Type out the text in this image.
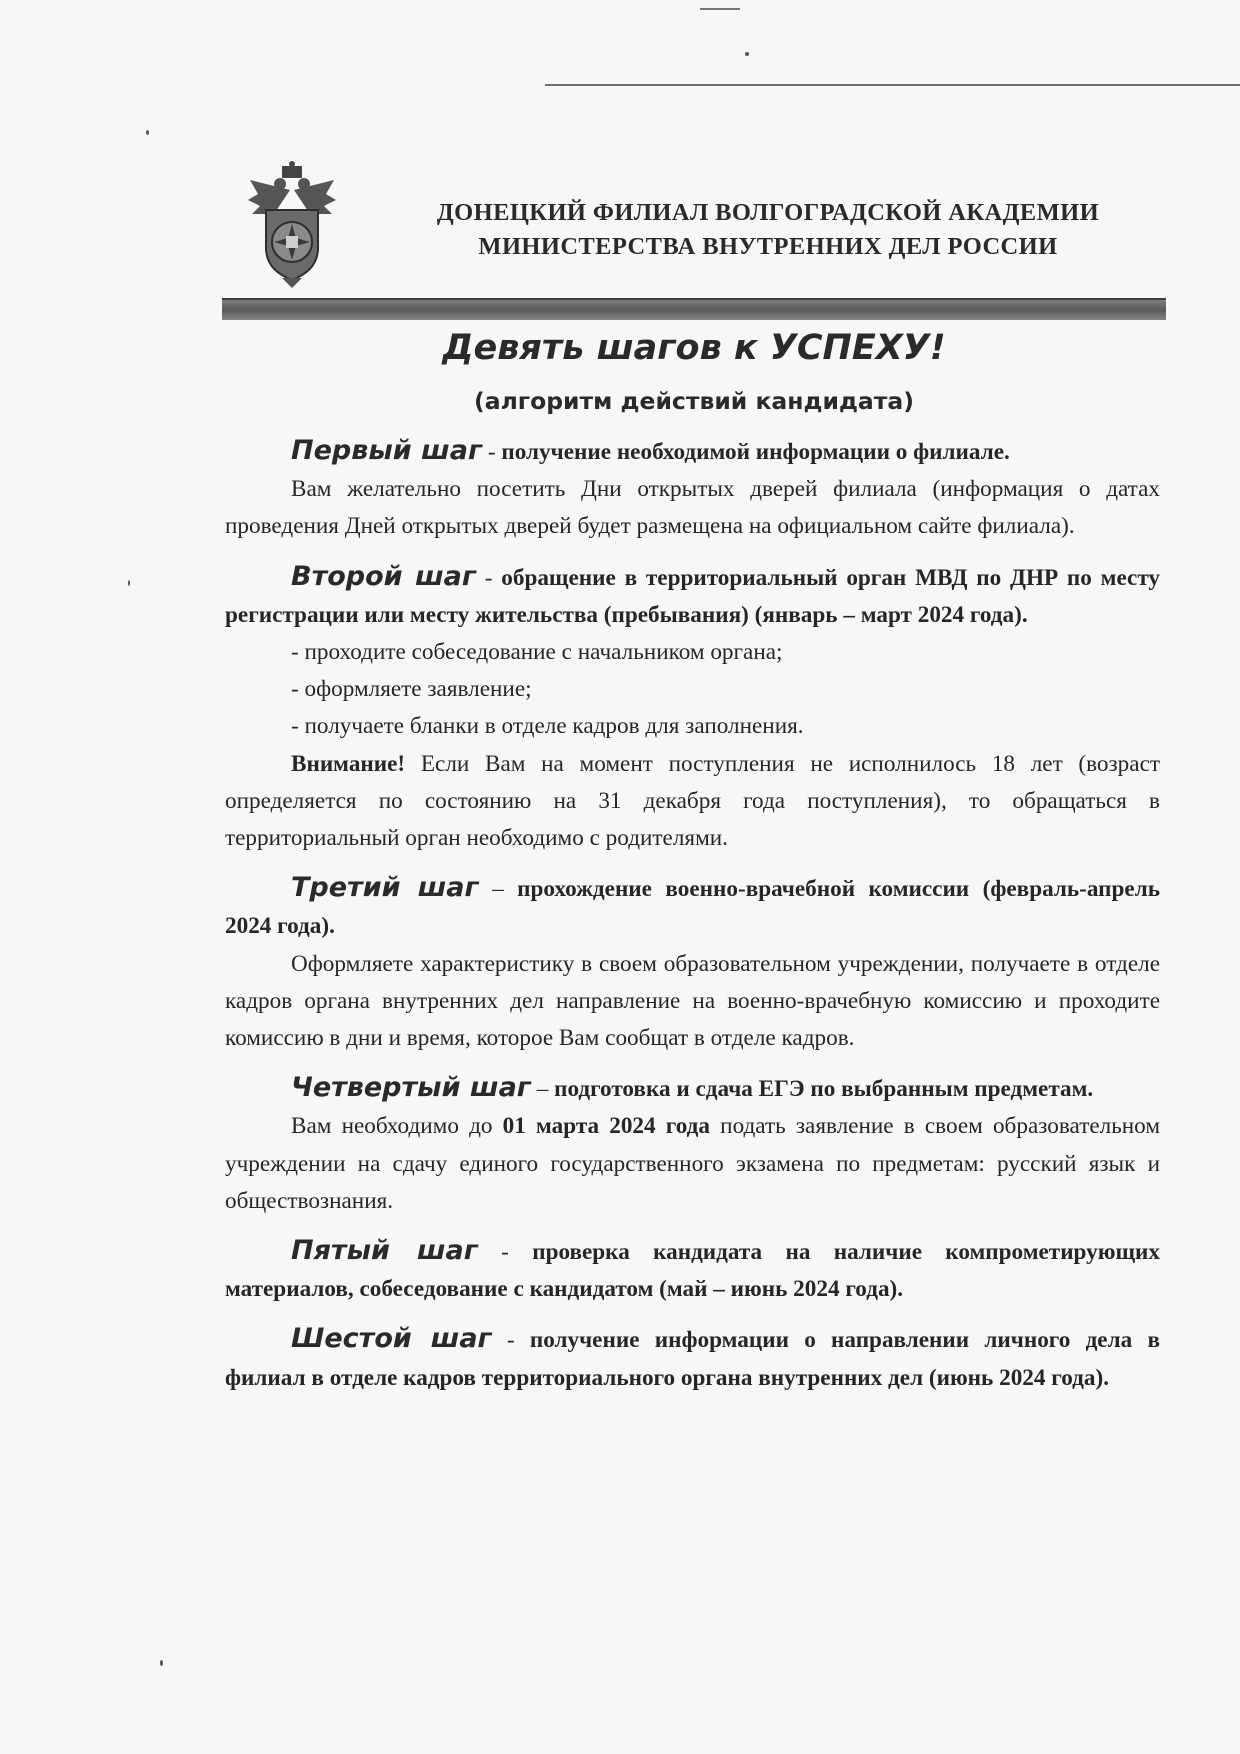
ДОНЕЦКИЙ ФИЛИАЛ ВОЛГОГРАДСКОЙ АКАДЕМИИ
МИНИСТЕРСТВА ВНУТРЕННИХ ДЕЛ РОССИИ
Девять шагов к УСПЕХУ!
(алгоритм действий кандидата)

Первый шаг - получение необходимой информации о филиале.

Вам желательно посетить Дни открытых дверей филиала (информация о датах проведения Дней открытых дверей будет размещена на официальном сайте филиала).

Второй шаг - обращение в территориальный орган МВД по ДНР по месту регистрации или месту жительства (пребывания) (январь – март 2024 года).

- проходите собеседование с начальником органа;

- оформляете заявление;

- получаете бланки в отделе кадров для заполнения.

Внимание! Если Вам на момент поступления не исполнилось 18 лет (возраст определяется по состоянию на 31 декабря года поступления), то обращаться в территориальный орган необходимо с родителями.

Третий шаг – прохождение военно-врачебной комиссии (февраль-апрель 2024 года).

Оформляете характеристику в своем образовательном учреждении, получаете в отделе кадров органа внутренних дел направление на военно-врачебную комиссию и проходите комиссию в дни и время, которое Вам сообщат в отделе кадров.

Четвертый шаг – подготовка и сдача ЕГЭ по выбранным предметам.

Вам необходимо до 01 марта 2024 года подать заявление в своем образовательном учреждении на сдачу единого государственного экзамена по предметам: русский язык и обществознания.

Пятый шаг - проверка кандидата на наличие компрометирующих материалов, собеседование с кандидатом (май – июнь 2024 года).

Шестой шаг - получение информации о направлении личного дела в филиал в отделе кадров территориального органа внутренних дел (июнь 2024 года).
